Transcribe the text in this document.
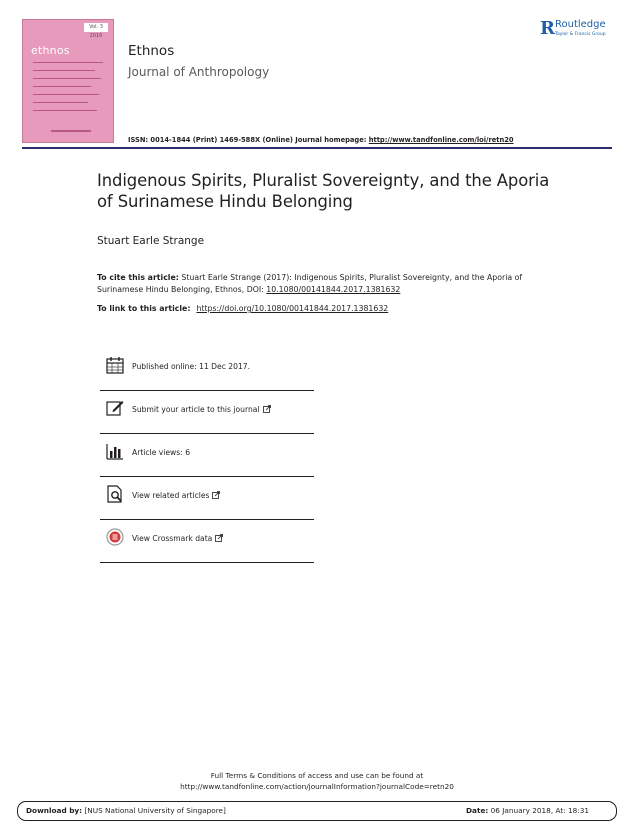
Vol. 3 2016
ethnos	Ethnos
Journal of Anthropology
R Routledge
Taylor & Francis Group
ISSN: 0014-1844 (Print) 1469-588X (Online) Journal homepage: http://www.tandfonline.com/loi/retn20
Indigenous Spirits, Pluralist Sovereignty, and the Aporia of Surinamese Hindu Belonging
Stuart Earle Strange
To cite this article: Stuart Earle Strange (2017): Indigenous Spirits, Pluralist Sovereignty, and the Aporia of Surinamese Hindu Belonging, Ethnos, DOI: 10.1080/00141844.2017.1381632
To link to this article: https://doi.org/10.1080/00141844.2017.1381632
Published online: 11 Dec 2017.
Submit your article to this journal
Article views: 6
View related articles
View Crossmark data
Full Terms & Conditions of access and use can be found at
http://www.tandfonline.com/action/journalInformation?journalCode=retn20
Download by: [NUS National University of Singapore]	Date: 06 January 2018, At: 18:31
